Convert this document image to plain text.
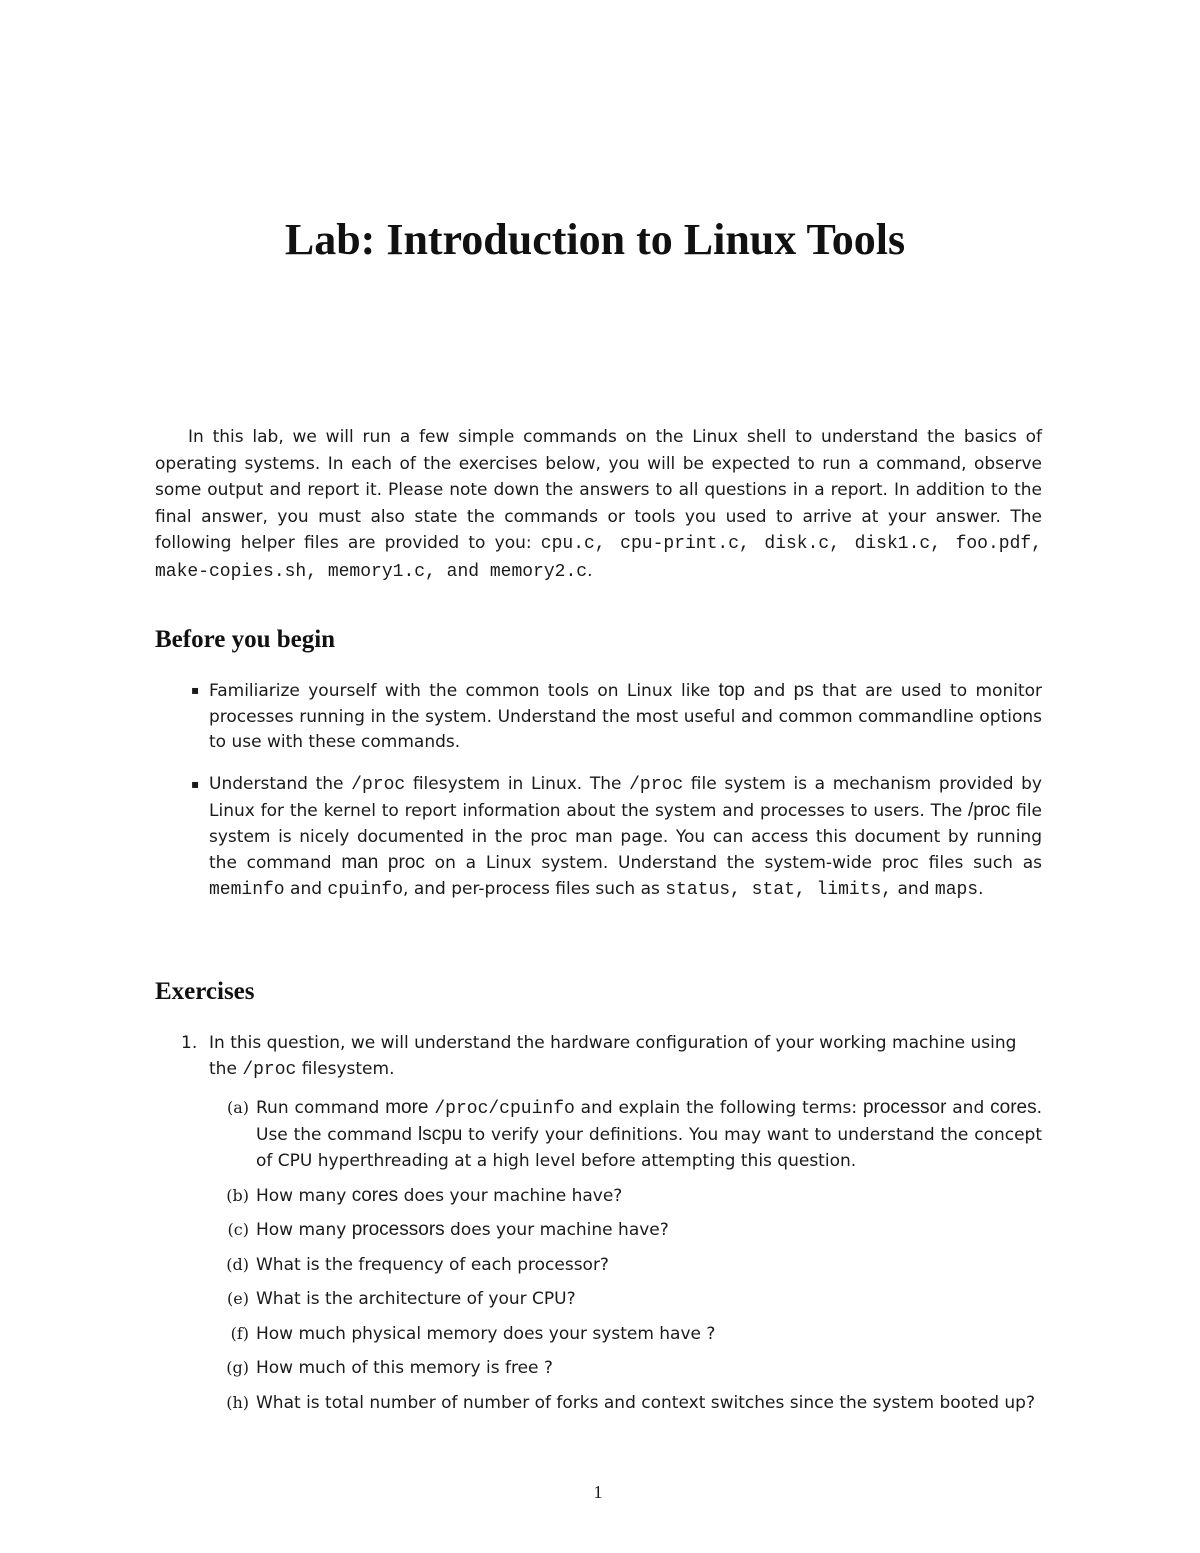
Lab: Introduction to Linux Tools

In this lab, we will run a few simple commands on the Linux shell to understand the basics of operating systems. In each of the exercises below, you will be expected to run a command, observe some output and report it. Please note down the answers to all questions in a report. In addition to the final answer, you must also state the commands or tools you used to arrive at your answer. The following helper files are provided to you: cpu.c, cpu-print.c, disk.c, disk1.c, foo.pdf, make-copies.sh, memory1.c, and memory2.c.

Before you begin
▪ Familiarize yourself with the common tools on Linux like top and ps that are used to monitor processes running in the system. Understand the most useful and common commandline options to use with these commands.
▪ Understand the /proc filesystem in Linux. The /proc file system is a mechanism provided by Linux for the kernel to report information about the system and processes to users. The /proc file system is nicely documented in the proc man page. You can access this document by running the command man proc on a Linux system. Understand the system-wide proc files such as meminfo and cpuinfo, and per-process files such as status, stat, limits, and maps.
Exercises
1. In this question, we will understand the hardware configuration of your working machine using the /proc filesystem.
(a) Run command more /proc/cpuinfo and explain the following terms: processor and cores. Use the command lscpu to verify your definitions. You may want to understand the concept of CPU hyperthreading at a high level before attempting this question.
(b) How many cores does your machine have?
(c) How many processors does your machine have?
(d) What is the frequency of each processor?
(e) What is the architecture of your CPU?
(f) How much physical memory does your system have ?
(g) How much of this memory is free ?
(h) What is total number of number of forks and context switches since the system booted up?

1
